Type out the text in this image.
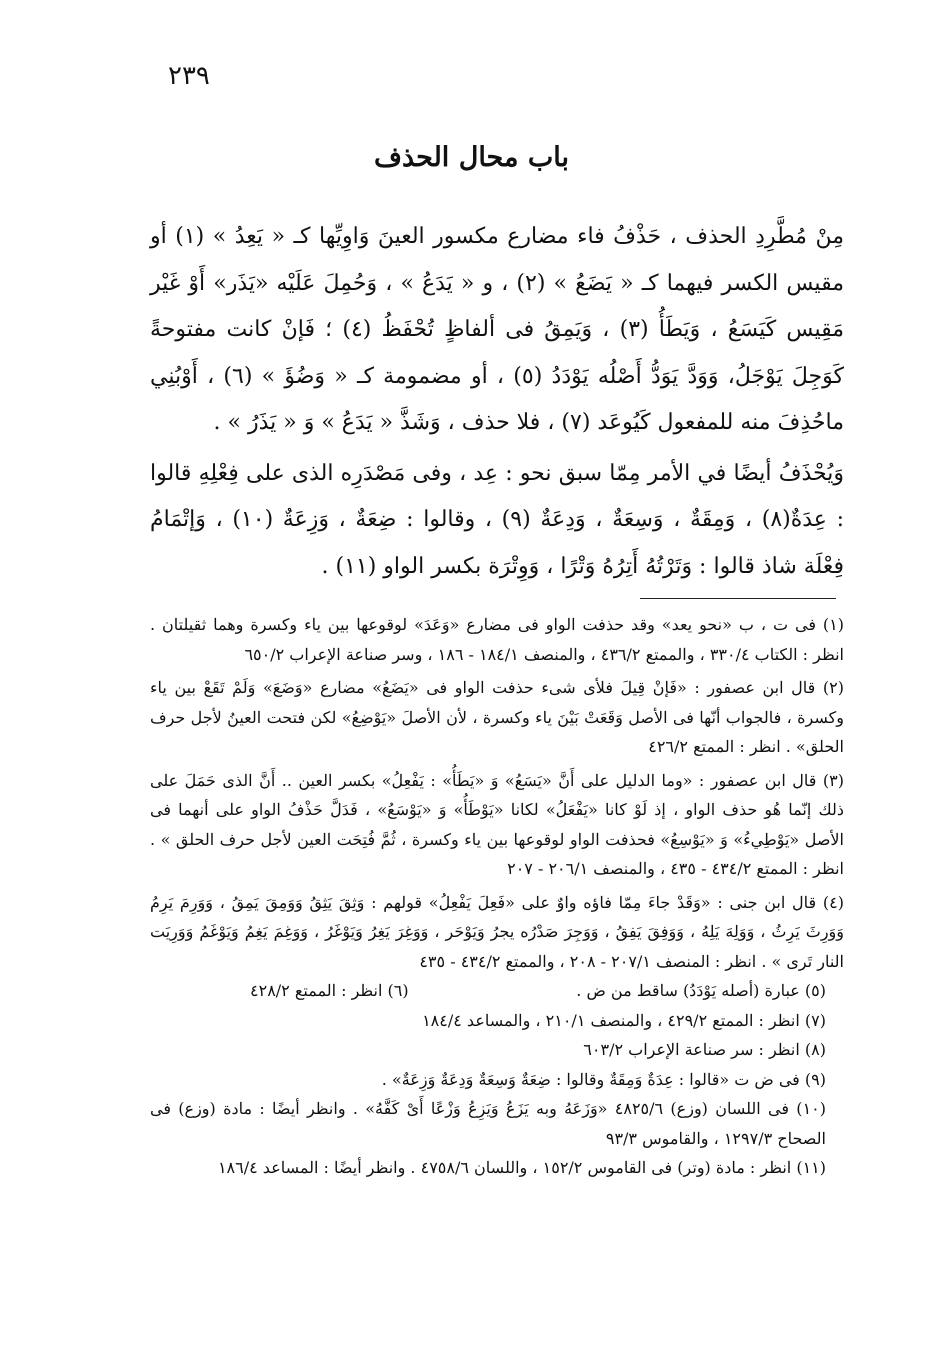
٢٣٩
باب محال الحذف

مِنْ مُطَّرِدِ الحذف ، حَذْفُ فاء مضارع مكسور العينَ وَاوِيِّها كـ « يَعِدُ » (١) أو مقيس الكسر فيهما كـ « يَضَعُ » (٢) ، و « يَدَعُ » ، وَحُمِلَ عَلَيْه «يَذَر» أَوْ غَيْر مَقِيس كَيَسَعُ ، وَيَطَأُ (٣) ، وَيَمِقُ فى ألفاظٍ تُحْفَظُ (٤) ؛ فَإنْ كانت مفتوحةً كَوَجِلَ يَوْجَلُ، وَوَدَّ يَوَدُّ أَصْلُه يَوْدَدُ (٥) ، أو مضمومة كـ « وَضُؤَ » (٦) ، أَوْبُنِي ماحُذِفَ منه للمفعول كَيُوعَد (٧) ، فلا حذف ، وَشَذَّ « يَدَعُ » وَ « يَذَرُ » .

وَيُحْذَفُ أيضًا في الأمر مِمّا سبق نحو : عِد ، وفى مَصْدَرِه الذى على فِعْلِهِ قالوا : عِدَةٌ(٨) ، وَمِقَةٌ ، وَسِعَةٌ ، وَدِعَةٌ (٩) ، وقالوا : ضِعَةٌ ، وَزِعَةٌ (١٠) ، وَإتْمَامُ فِعْلَة شاذ قالوا : وَتَرْتُهُ أَتِرُهُ وَتْرًا ، وَوِتْرَة بكسر الواو (١١) .

(١) فى ت ، ب «نحو يعد» وقد حذفت الواو فى مضارع «وَعَدَ» لوقوعها بين ياء وكسرة وهما ثقيلتان . انظر : الكتاب ٣٣٠/٤ ، والممتع ٤٣٦/٢ ، والمنصف ١٨٤/١ - ١٨٦ ، وسر صناعة الإعراب ٦٥٠/٢

(٢) قال ابن عصفور : «فَإنْ قِيلَ فلأى شىء حذفت الواو فى «يَضَعُ» مضارع «وَضَعَ» وَلَمْ تَقَعْ بين ياء وكسرة ، فالجواب أنّها فى الأصل وَقَعَتْ بَيْنَ ياء وكسرة ، لأن الأصلَ «يَوْضِعُ» لكن فتحت العينُ لأجل حرف الحلق» . انظر : الممتع ٤٢٦/٢

(٣) قال ابن عصفور : «وما الدليل على أَنَّ «يَسَعُ» وَ «يَطَأُ» : يَفْعِلُ» بكسر العين .. أَنَّ الذى حَمَلَ على ذلك إنّما هُو حذف الواو ، إذ لَوْ كانا «يَفْعَلُ» لكانا «يَوْطَأُ» وَ «يَوْسَعُ» ، فَدَلَّ حَذْفُ الواو على أنهما فى الأصل «يَوْطِيءُ» وَ «يَوْسِعُ» فحذفت الواو لوقوعها بين ياء وكسرة ، ثُمَّ فُتِحَت العين لأجل حرف الحلق » . انظر : الممتع ٤٣٤/٢ - ٤٣٥ ، والمنصف ٢٠٦/١ - ٢٠٧

(٤) قال ابن جنى : «وَقَدْ جاءَ مِمّا فاؤه واوٌ على «فَعِلَ يَفْعِلُ» قولهم : وَثِقَ يَثِقُ وَوَمِقَ يَمِقُ ، وَوَرِمَ يَرِمُ وَوَرِثَ يَرِثُ ، وَوَلِهَ يَلِهُ ، وَوَفِقَ يَفِقُ ، وَوَجِرَ صَدْرُه يجرُ وَيَوْحَر ، وَوَغِرَ يَغِرُ وَيَوْغَرُ ، وَوَغِمَ يَغِمُ وَيَوْغَمُ وَوَرِيَت النار تَرى » . انظر : المنصف ٢٠٧/١ - ٢٠٨ ، والممتع ٤٣٤/٢ - ٤٣٥

(٥) عبارة (أصله يَوْدَدُ) ساقط من ض .
(٦) انظر : الممتع ٤٢٨/٢

(٧) انظر : الممتع ٤٢٩/٢ ، والمنصف ٢١٠/١ ، والمساعد ١٨٤/٤

(٨) انظر : سر صناعة الإعراب ٦٠٣/٢

(٩) فى ض ت «قالوا : عِدَةٌ وَمِقَةٌ وقالوا : ضِعَةٌ وَسِعَةٌ وَدِعَةٌ وَزِعَةٌ» .

(١٠) فى اللسان (وزع) ٤٨٢٥/٦ «وَزَعَهُ وبه يَزَعُ وَيَزِعُ وَزْعًا أَىْ كَفَّهُ» . وانظر أيضًا : مادة (وزع) فى الصحاح ١٢٩٧/٣ ، والقاموس ٩٣/٣

(١١) انظر : مادة (وتر) فى القاموس ١٥٢/٢ ، واللسان ٤٧٥٨/٦ . وانظر أيضًا : المساعد ١٨٦/٤
